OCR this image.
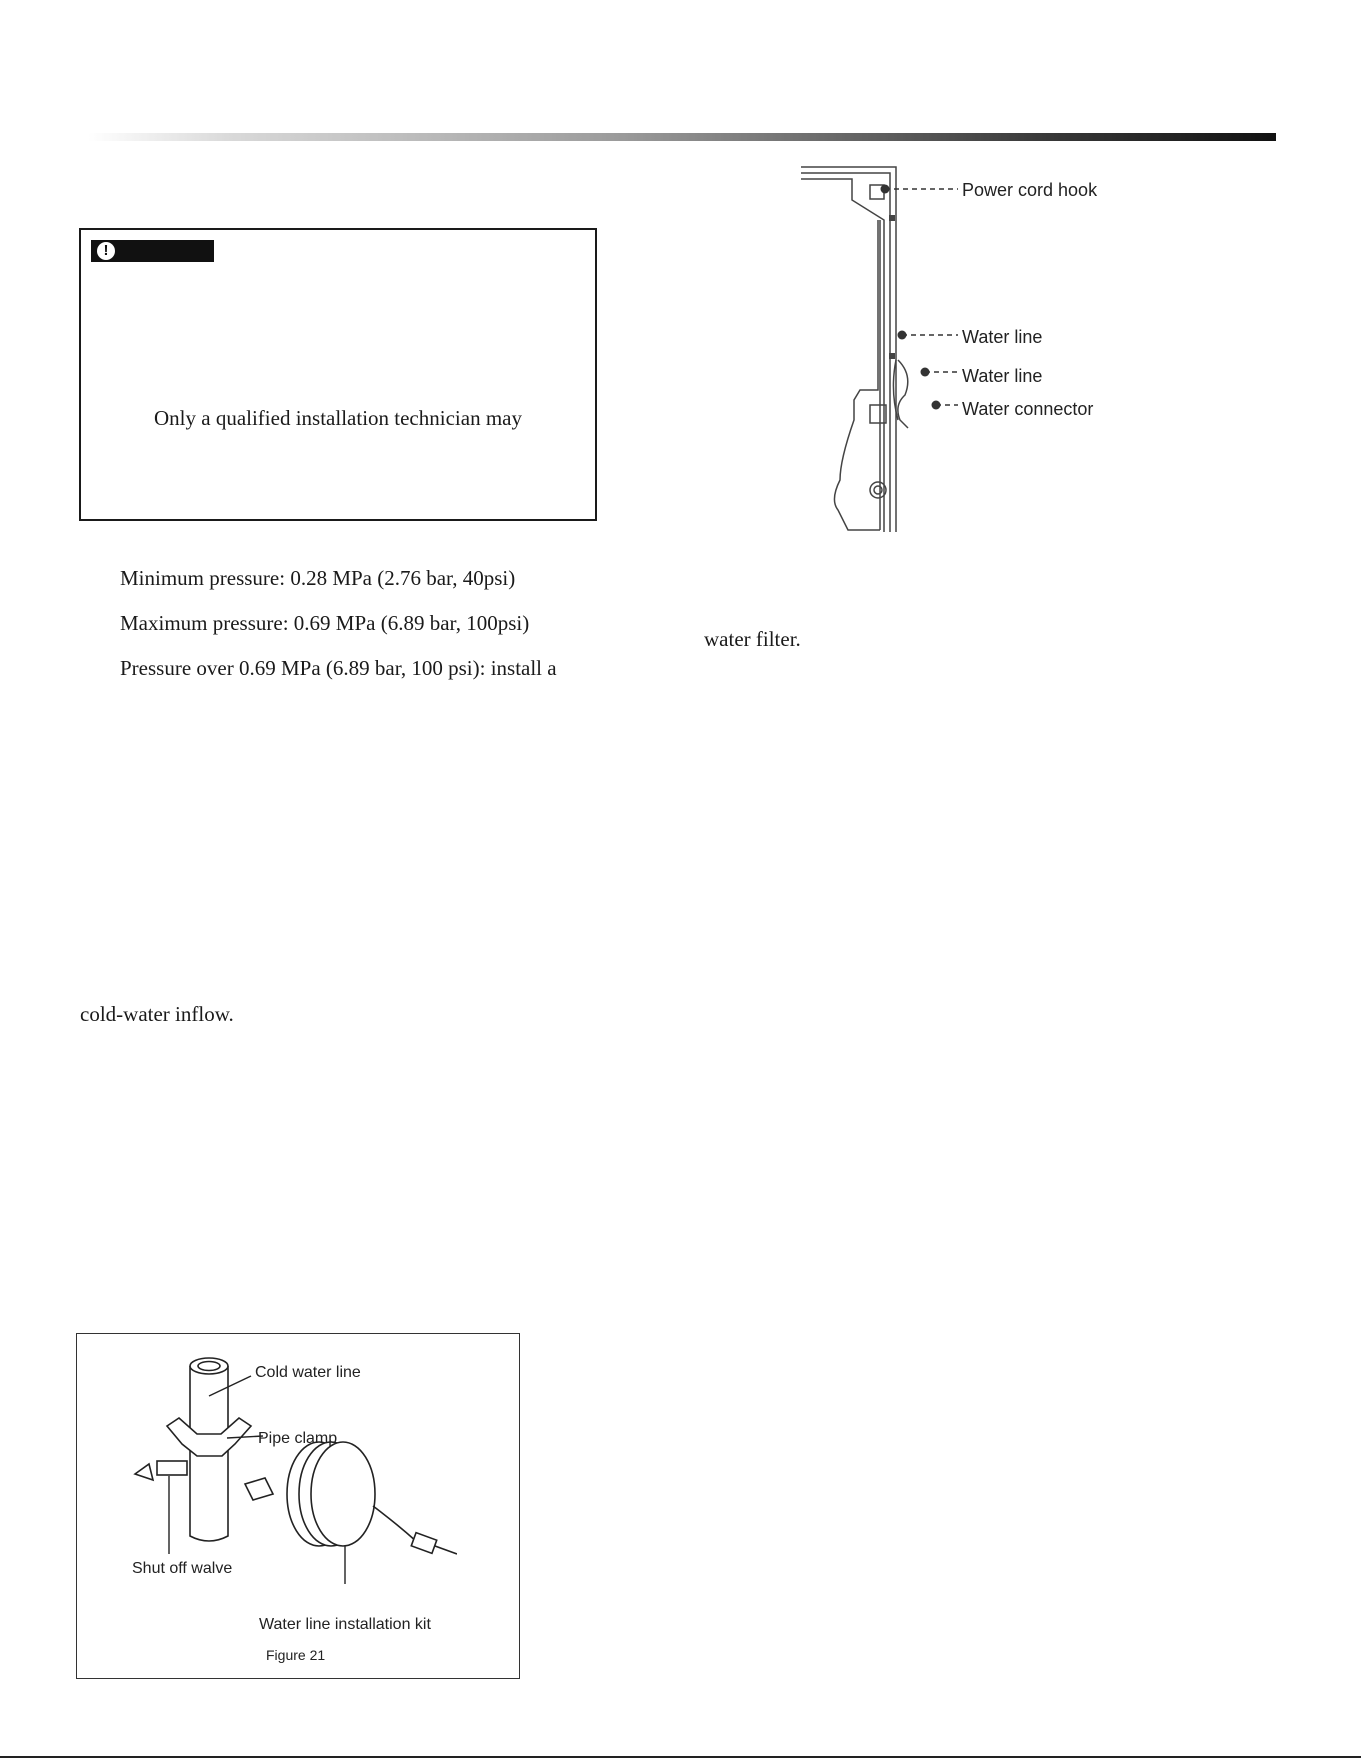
!
Only a qualified installation technician may
Minimum pressure: 0.28 MPa (2.76 bar, 40psi)
Maximum pressure: 0.69 MPa (6.89 bar, 100psi)
Pressure over 0.69 MPa (6.89 bar, 100 psi): install a
cold-water inflow.
water filter.
Power cord hook
Water line
Water line
Water connector
Cold water line
Pipe clamp
Shut off walve
Water line installation kit
Figure 21
